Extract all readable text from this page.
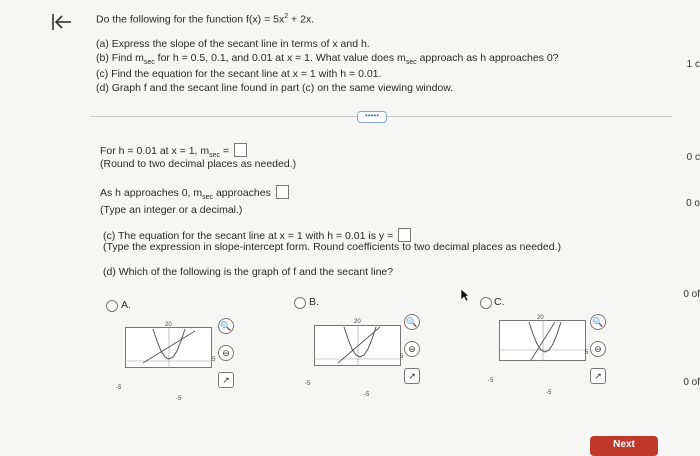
Do the following for the function $f(x) = 5x^2 + 2x$.
(a) Express the slope of the secant line in terms of x and h.
(b) Find $m_{sec}$ for h = 0.5, 0.1, and 0.01 at x = 1. What value does $m_{sec}$ approach as h approaches 0?
(c) Find the equation for the secant line at x = 1 with h = 0.01.
(d) Graph f and the secant line found in part (c) on the same viewing window.
•••••
For h = 0.01 at x = 1, $m_{sec}$ =
(Round to two decimal places as needed.)
As h approaches 0, $m_{sec}$ approaches
(Type an integer or a decimal.)
(c) The equation for the secant line at x = 1 with h = 0.01 is y =
(Type the expression in slope-intercept form. Round coefficients to two decimal places as needed.)
(d) Which of the following is the graph of f and the secant line?
A.
20
-5
-5
5
🔍
⊖
↗
B.
20
-5
-5
5
🔍
⊖
↗
C.
20
-5
-5
5
🔍
⊖
↗
1 c
0 c
0 o
0 of
0 of
Next
